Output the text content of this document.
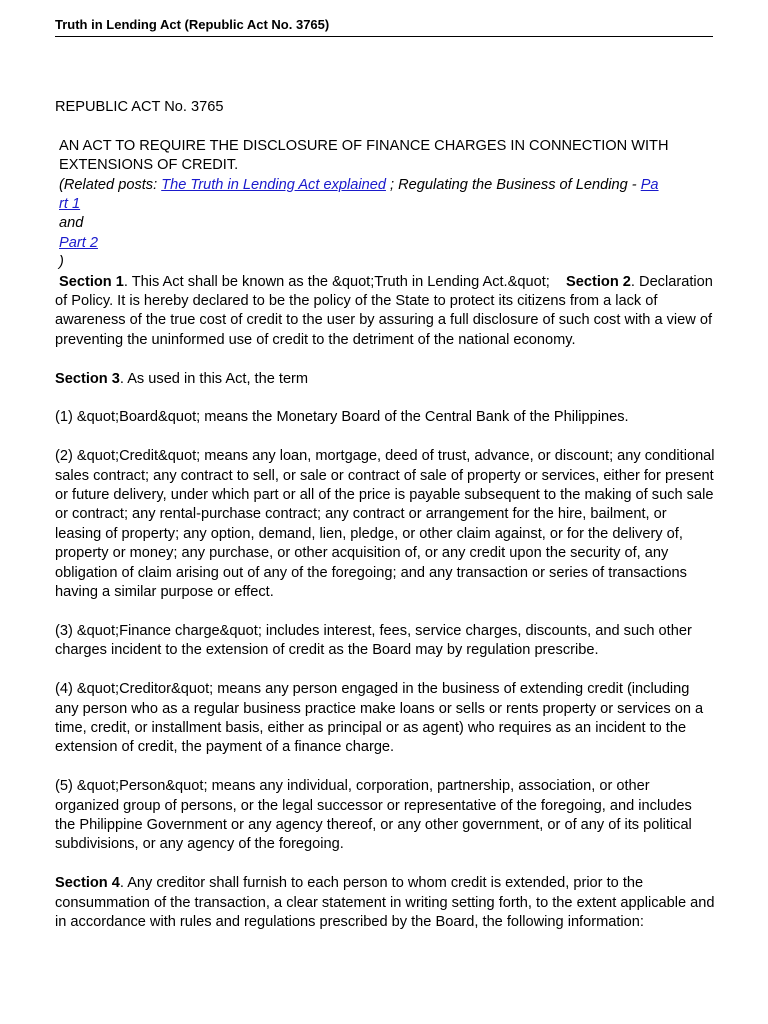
Truth in Lending Act (Republic Act No. 3765)

REPUBLIC ACT No. 3765

AN ACT TO REQUIRE THE DISCLOSURE OF FINANCE CHARGES IN CONNECTION WITH EXTENSIONS OF CREDIT.

(Related posts: The Truth in Lending Act explained ; Regulating the Business of Lending - Pa
rt 1
and
Part 2
)

Section 1. This Act shall be known as the &quot;Truth in Lending Act.&quot; Section 2. Declaration of Policy. It is hereby declared to be the policy of the State to protect its citizens from a lack of awareness of the true cost of credit to the user by assuring a full disclosure of such cost with a view of preventing the uninformed use of credit to the detriment of the national economy.

Section 3. As used in this Act, the term

(1) &quot;Board&quot; means the Monetary Board of the Central Bank of the Philippines.

(2) &quot;Credit&quot; means any loan, mortgage, deed of trust, advance, or discount; any conditional sales contract; any contract to sell, or sale or contract of sale of property or services, either for present or future delivery, under which part or all of the price is payable subsequent to the making of such sale or contract; any rental-purchase contract; any contract or arrangement for the hire, bailment, or leasing of property; any option, demand, lien, pledge, or other claim against, or for the delivery of, property or money; any purchase, or other acquisition of, or any credit upon the security of, any obligation of claim arising out of any of the foregoing; and any transaction or series of transactions having a similar purpose or effect.

(3) &quot;Finance charge&quot; includes interest, fees, service charges, discounts, and such other charges incident to the extension of credit as the Board may by regulation prescribe.

(4) &quot;Creditor&quot; means any person engaged in the business of extending credit (including any person who as a regular business practice make loans or sells or rents property or services on a time, credit, or installment basis, either as principal or as agent) who requires as an incident to the extension of credit, the payment of a finance charge.

(5) &quot;Person&quot; means any individual, corporation, partnership, association, or other organized group of persons, or the legal successor or representative of the foregoing, and includes the Philippine Government or any agency thereof, or any other government, or of any of its political subdivisions, or any agency of the foregoing.

Section 4. Any creditor shall furnish to each person to whom credit is extended, prior to the consummation of the transaction, a clear statement in writing setting forth, to the extent applicable and in accordance with rules and regulations prescribed by the Board, the following information:
